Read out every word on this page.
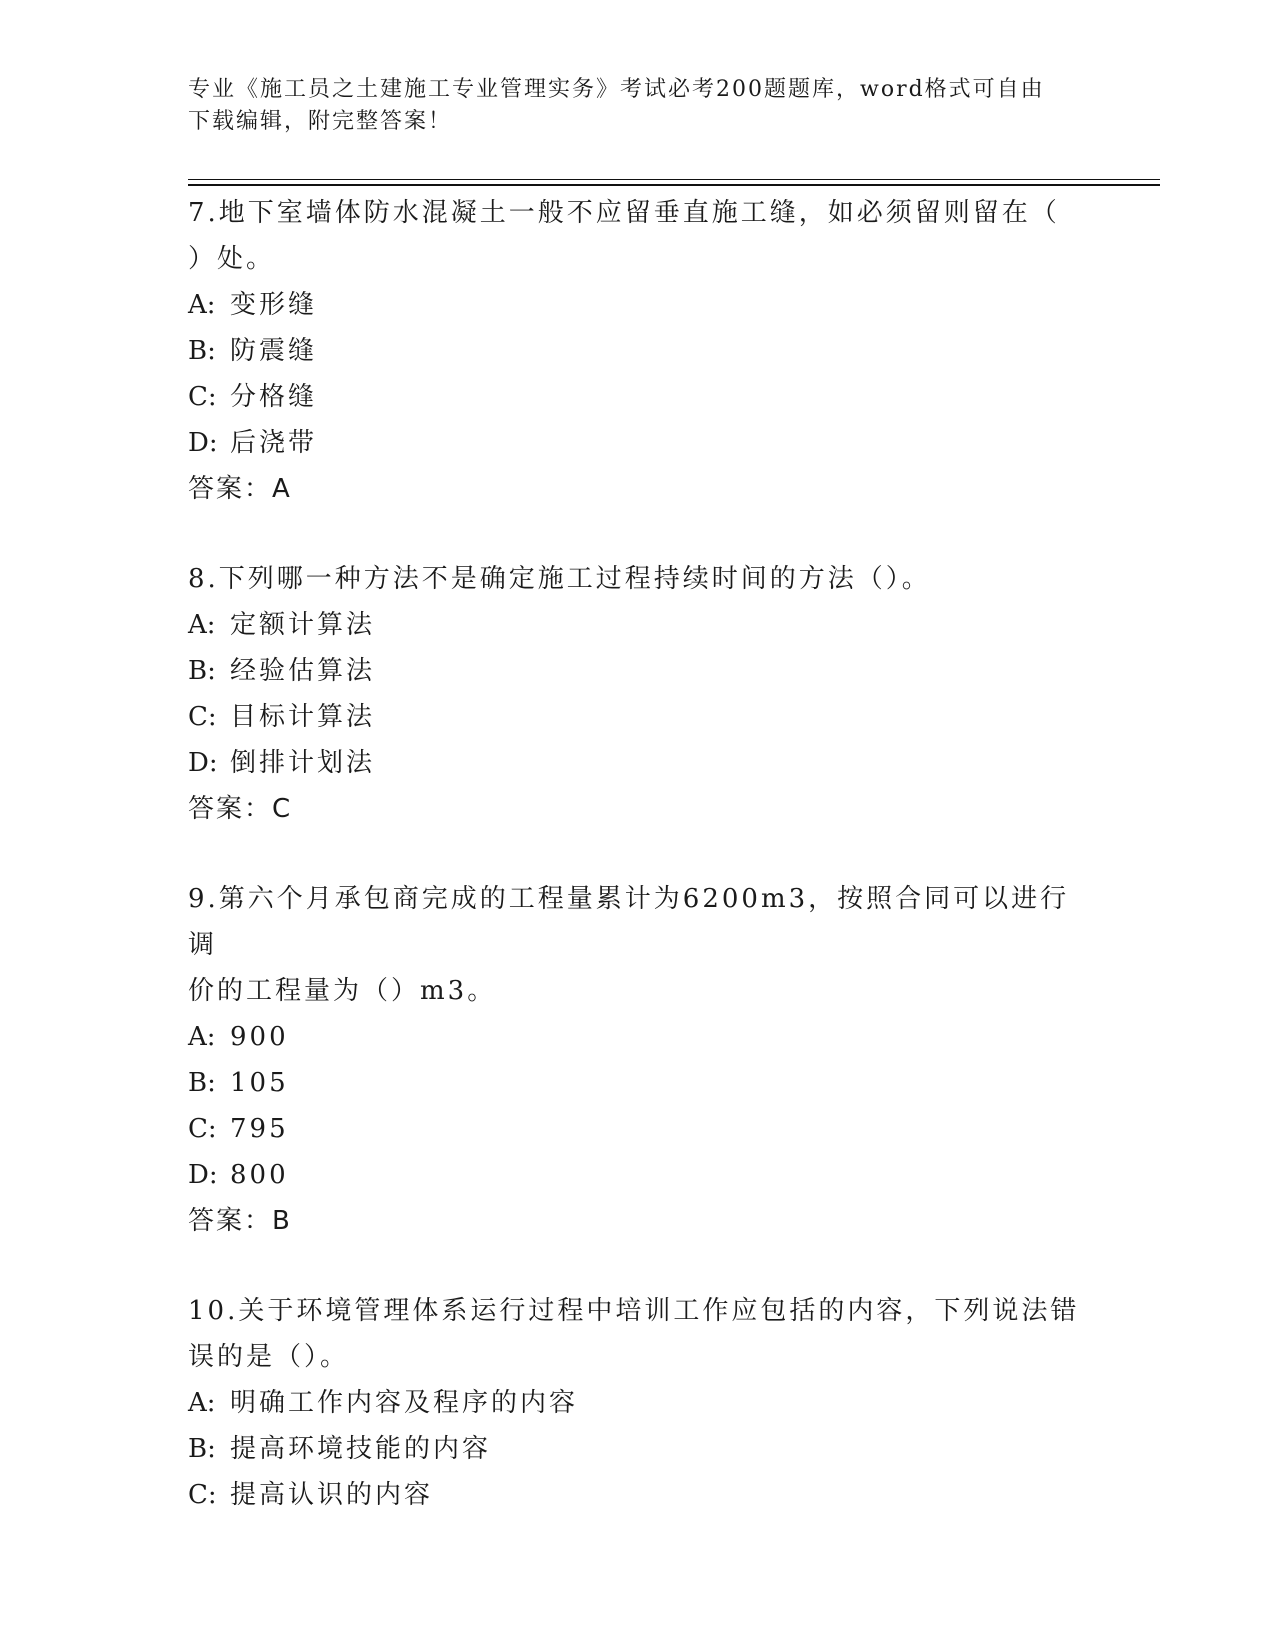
专业《施工员之土建施工专业管理实务》考试必考200题题库，word格式可自由
下载编辑，附完整答案！

7.地下室墙体防水混凝土一般不应留垂直施工缝，如必须留则留在（

）处。

A: 变形缝

B: 防震缝

C: 分格缝

D: 后浇带

答案：A

8.下列哪一种方法不是确定施工过程持续时间的方法（）。

A: 定额计算法

B: 经验估算法

C: 目标计算法

D: 倒排计划法

答案：C

9.第六个月承包商完成的工程量累计为6200m3，按照合同可以进行调

价的工程量为（）m3。

A: 900

B: 105

C: 795

D: 800

答案：B

10.关于环境管理体系运行过程中培训工作应包括的内容，下列说法错

误的是（）。

A: 明确工作内容及程序的内容

B: 提高环境技能的内容

C: 提高认识的内容
